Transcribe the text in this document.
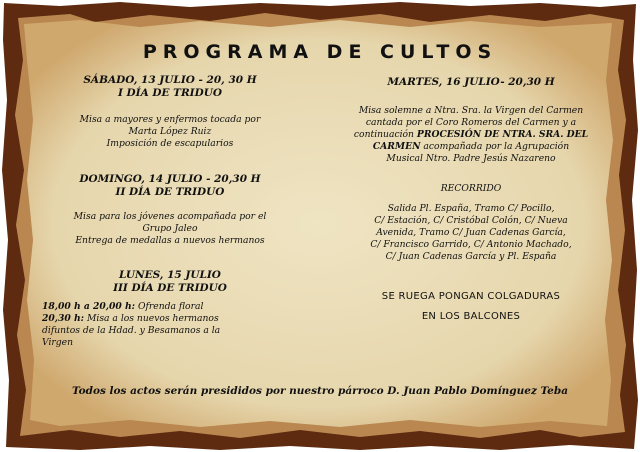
PROGRAMA DE CULTOS
SÁBADO, 13 JULIO - 20, 30 H
I DÍA DE TRIDUO
Misa a mayores y enfermos tocada por
Marta López Ruiz
Imposición de escapularios
DOMINGO, 14 JULIO - 20,30 H
II DÍA DE TRIDUO
Misa para los jóvenes acompañada por el
Grupo Jaleo
Entrega de medallas a nuevos hermanos
LUNES, 15 JULIO
III DÍA DE TRIDUO
18,00 h a 20,00 h: Ofrenda floral
20,30 h: Misa a los nuevos hermanos
difuntos de la Hdad. y Besamanos a la
Virgen
MARTES, 16 JULIO- 20,30 H
Misa solemne a Ntra. Sra. la Virgen del Carmen
cantada por el Coro Romeros del Carmen y a
continuación PROCESIÓN DE NTRA. SRA. DEL
CARMEN acompañada por la Agrupación
Musical Ntro. Padre Jesús Nazareno
RECORRIDO
Salida Pl. España, Tramo C/ Pocillo,
C/ Estación, C/ Cristóbal Colón, C/ Nueva
Avenida, Tramo C/ Juan Cadenas García,
C/ Francisco Garrido, C/ Antonio Machado,
C/ Juan Cadenas García y Pl. España
SE RUEGA PONGAN COLGADURAS
EN LOS BALCONES
Todos los actos serán presididos por nuestro párroco D. Juan Pablo Domínguez Teba
